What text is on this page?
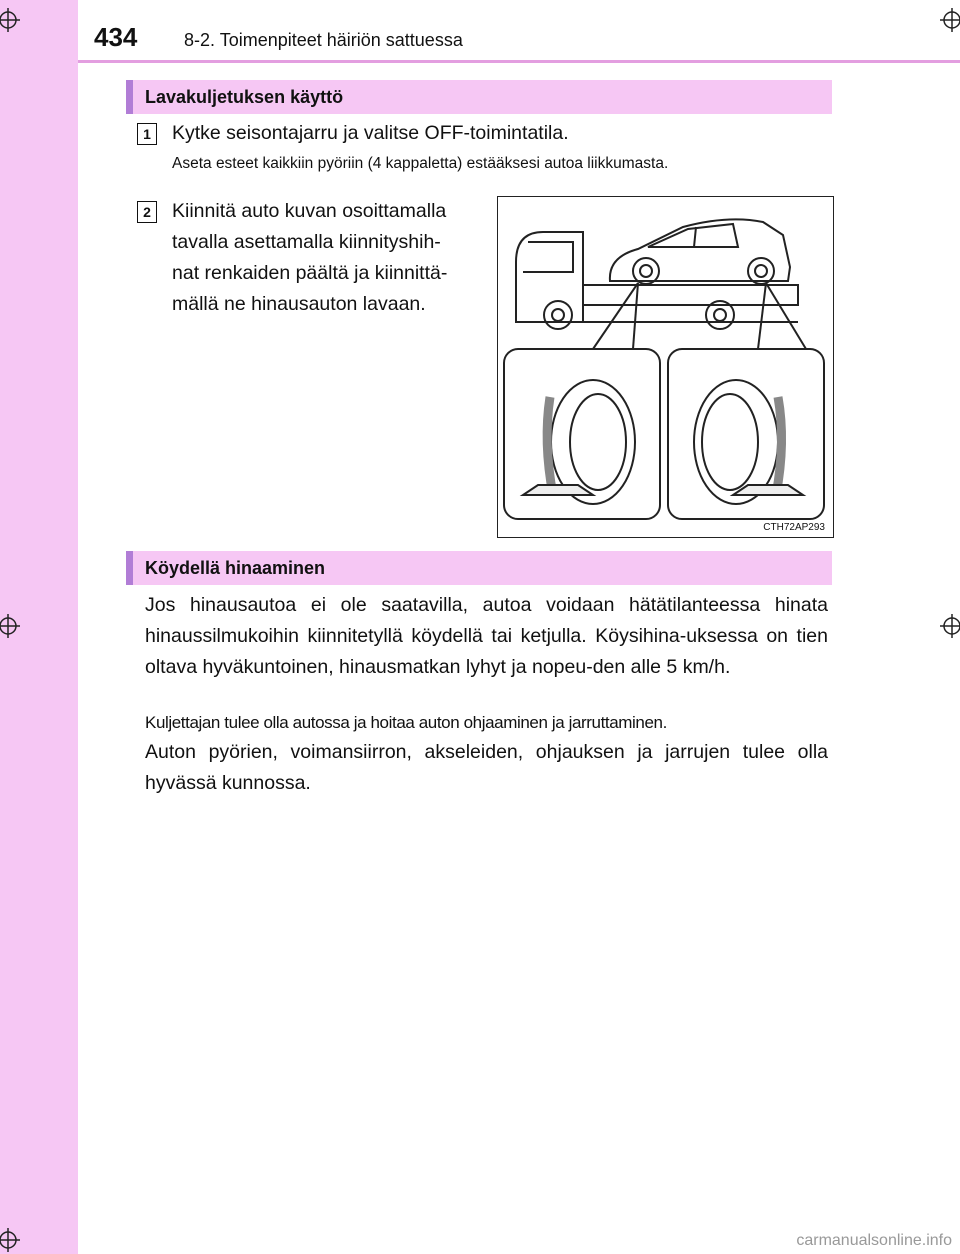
434	8-2. Toimenpiteet häiriön sattuessa
Lavakuljetuksen käyttö
1	Kytke seisontajarru ja valitse OFF-toimintatila.
Aseta esteet kaikkiin pyöriin (4 kappaletta) estääksesi autoa liikkumasta.
2	Kiinnitä auto kuvan osoittamalla
tavalla asettamalla kiinnityshih-
nat renkaiden päältä ja kiinnittä-
mällä ne hinausauton lavaan.
CTH72AP293
Köydellä hinaaminen
Jos hinausautoa ei ole saatavilla, autoa voidaan hätätilanteessa hinata hinaussilmukoihin kiinnitetyllä köydellä tai ketjulla. Köysihina-uksessa on tien oltava hyväkuntoinen, hinausmatkan lyhyt ja nopeu-den alle 5 km/h.
Kuljettajan tulee olla autossa ja hoitaa auton ohjaaminen ja jarruttaminen.
Auton pyörien, voimansiirron, akseleiden, ohjauksen ja jarrujen tulee olla hyvässä kunnossa.
carmanualsonline.info
